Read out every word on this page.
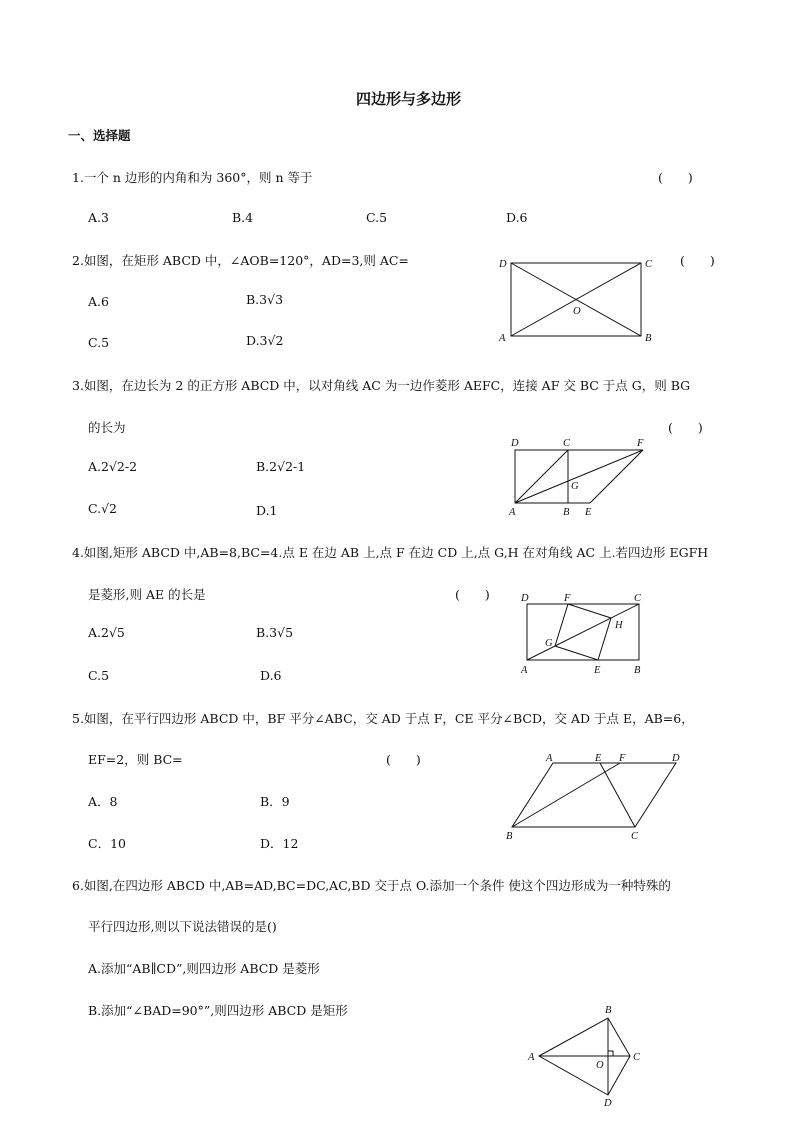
四边形与多边形
一、选择题
1.一个 n 边形的内角和为 360°，则 n 等于	(　　)
A.3	B.4	C.5	D.6
2.如图，在矩形 ABCD 中，∠AOB=120°，AD=3,则 AC=	(　　)
A.6	B.3√3
C.5	D.3√2
D	C
A	B
O
3.如图，在边长为 2 的正方形 ABCD 中，以对角线 AC 为一边作菱形 AEFC，连接 AF 交 BC 于点 G，则 BG
的长为	(　　)
A.2√2-2	B.2√2-1
C.√2	D.1
D	C	F
G
A	B E
4.如图,矩形 ABCD 中,AB=8,BC=4.点 E 在边 AB 上,点 F 在边 CD 上,点 G,H 在对角线 AC 上.若四边形 EGFH
是菱形,则 AE 的长是	(　　)
A.2√5	B.3√5
C.5	D.6
D	F	C
H
G
A	E	B
5.如图，在平行四边形 ABCD 中，BF 平分∠ABC，交 AD 于点 F，CE 平分∠BCD，交 AD 于点 E，AB=6，
EF=2，则 BC=	(　　)
A．8	B．9
C．10	D．12
A	E F	D
B	C
6.如图,在四边形 ABCD 中,AB=AD,BC=DC,AC,BD 交于点 O.添加一个条件 使这个四边形成为一种特殊的
平行四边形,则以下说法错误的是()
A.添加“AB∥CD”,则四边形 ABCD 是菱形
B.添加“∠BAD=90°”,则四边形 ABCD 是矩形	B
A
O
C
D
